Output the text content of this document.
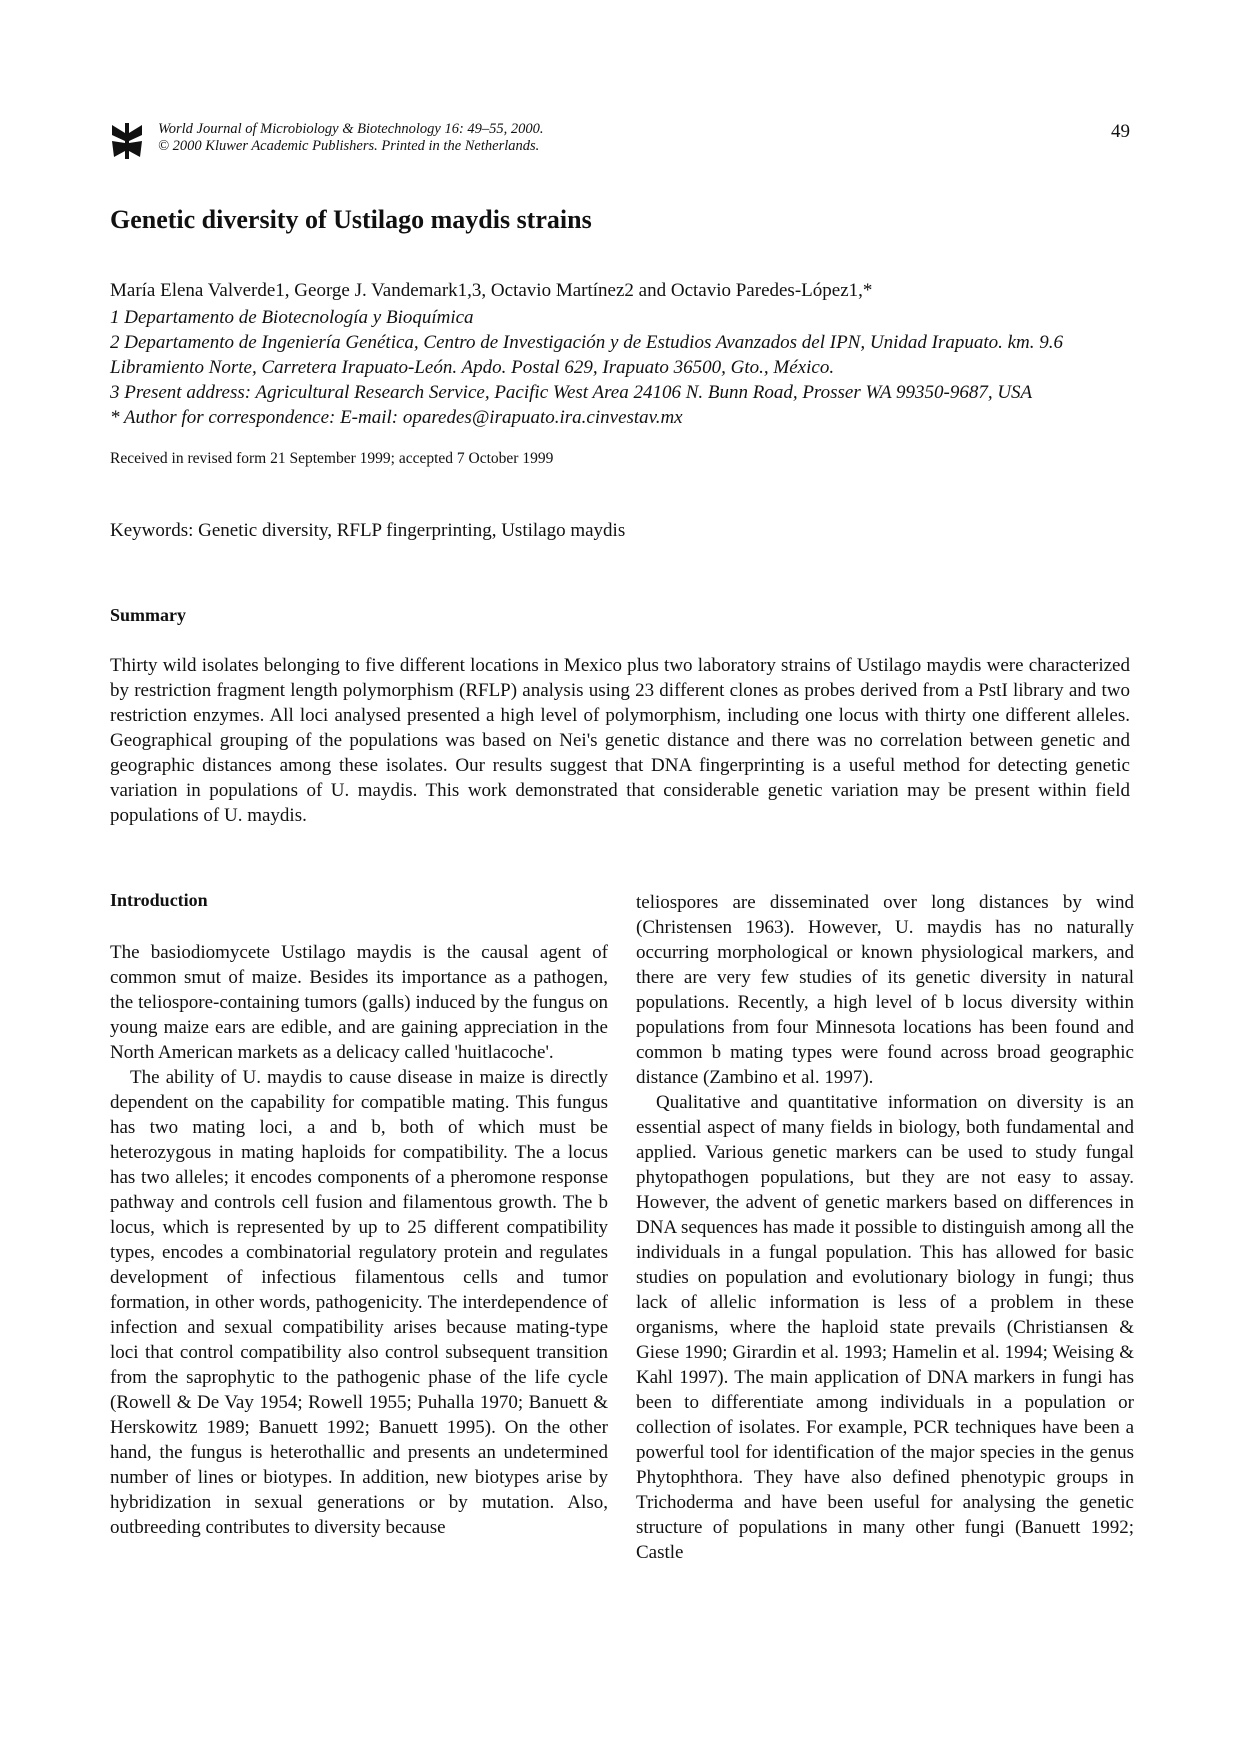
World Journal of Microbiology & Biotechnology 16: 49–55, 2000.
© 2000 Kluwer Academic Publishers. Printed in the Netherlands.
49
Genetic diversity of Ustilago maydis strains
María Elena Valverde1, George J. Vandemark1,3, Octavio Martínez2 and Octavio Paredes-López1,*
1 Departamento de Biotecnología y Bioquímica
2 Departamento de Ingeniería Genética, Centro de Investigación y de Estudios Avanzados del IPN, Unidad Irapuato. km. 9.6 Libramiento Norte, Carretera Irapuato-León. Apdo. Postal 629, Irapuato 36500, Gto., México.
3 Present address: Agricultural Research Service, Pacific West Area 24106 N. Bunn Road, Prosser WA 99350-9687, USA
* Author for correspondence: E-mail: oparedes@irapuato.ira.cinvestav.mx
Received in revised form 21 September 1999; accepted 7 October 1999
Keywords: Genetic diversity, RFLP fingerprinting, Ustilago maydis
Summary
Thirty wild isolates belonging to five different locations in Mexico plus two laboratory strains of Ustilago maydis were characterized by restriction fragment length polymorphism (RFLP) analysis using 23 different clones as probes derived from a PstI library and two restriction enzymes. All loci analysed presented a high level of polymorphism, including one locus with thirty one different alleles. Geographical grouping of the populations was based on Nei's genetic distance and there was no correlation between genetic and geographic distances among these isolates. Our results suggest that DNA fingerprinting is a useful method for detecting genetic variation in populations of U. maydis. This work demonstrated that considerable genetic variation may be present within field populations of U. maydis.
Introduction

The basiodiomycete Ustilago maydis is the causal agent of common smut of maize. Besides its importance as a pathogen, the teliospore-containing tumors (galls) induced by the fungus on young maize ears are edible, and are gaining appreciation in the North American markets as a delicacy called 'huitlacoche'.

The ability of U. maydis to cause disease in maize is directly dependent on the capability for compatible mating. This fungus has two mating loci, a and b, both of which must be heterozygous in mating haploids for compatibility. The a locus has two alleles; it encodes components of a pheromone response pathway and controls cell fusion and filamentous growth. The b locus, which is represented by up to 25 different compatibility types, encodes a combinatorial regulatory protein and regulates development of infectious filamentous cells and tumor formation, in other words, pathogenicity. The interdependence of infection and sexual compatibility arises because mating-type loci that control compatibility also control subsequent transition from the saprophytic to the pathogenic phase of the life cycle (Rowell & De Vay 1954; Rowell 1955; Puhalla 1970; Banuett & Herskowitz 1989; Banuett 1992; Banuett 1995). On the other hand, the fungus is heterothallic and presents an undetermined number of lines or biotypes. In addition, new biotypes arise by hybridization in sexual generations or by mutation. Also, outbreeding contributes to diversity because

teliospores are disseminated over long distances by wind (Christensen 1963). However, U. maydis has no naturally occurring morphological or known physiological markers, and there are very few studies of its genetic diversity in natural populations. Recently, a high level of b locus diversity within populations from four Minnesota locations has been found and common b mating types were found across broad geographic distance (Zambino et al. 1997).

Qualitative and quantitative information on diversity is an essential aspect of many fields in biology, both fundamental and applied. Various genetic markers can be used to study fungal phytopathogen populations, but they are not easy to assay. However, the advent of genetic markers based on differences in DNA sequences has made it possible to distinguish among all the individuals in a fungal population. This has allowed for basic studies on population and evolutionary biology in fungi; thus lack of allelic information is less of a problem in these organisms, where the haploid state prevails (Christiansen & Giese 1990; Girardin et al. 1993; Hamelin et al. 1994; Weising & Kahl 1997). The main application of DNA markers in fungi has been to differentiate among individuals in a population or collection of isolates. For example, PCR techniques have been a powerful tool for identification of the major species in the genus Phytophthora. They have also defined phenotypic groups in Trichoderma and have been useful for analysing the genetic structure of populations in many other fungi (Banuett 1992; Castle
